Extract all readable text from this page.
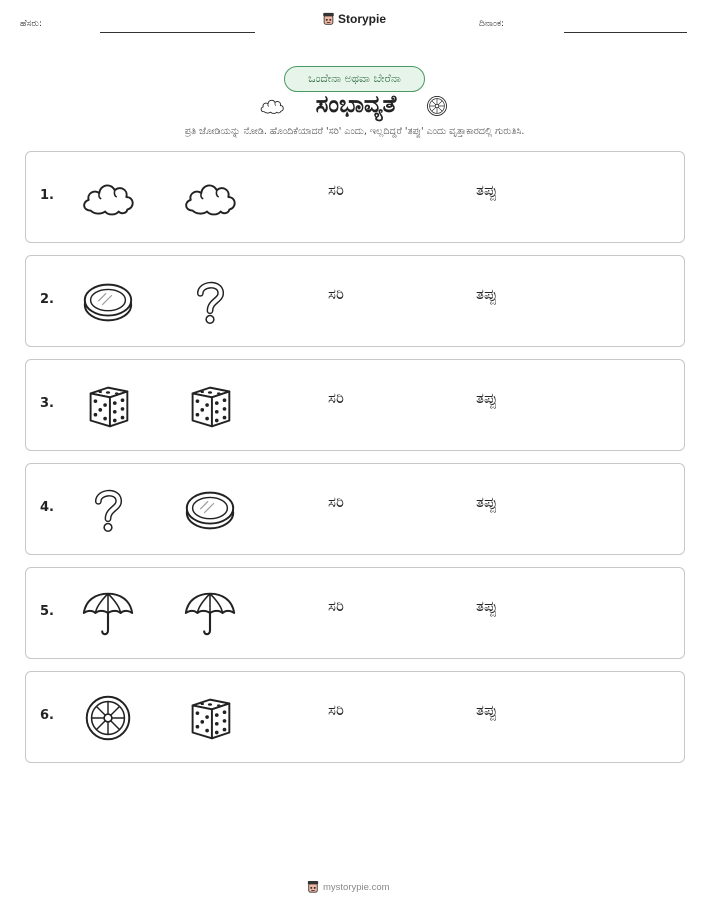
ಹೆಸರು:	Storypie	ದಿನಾಂಕ:
ಒಂದೇನಾ ಅಥವಾ ಬೇರೆನಾ
ಸಂಭಾವ್ಯತೆ
ಪ್ರತಿ ಜೋಡಿಯನ್ನು ನೋಡಿ. ಹೊಂದಿಕೆಯಾದರೆ 'ಸರಿ' ಎಂದು, ಇಲ್ಲದಿದ್ದರೆ 'ತಪ್ಪು' ಎಂದು ವೃತ್ತಾಕಾರದಲ್ಲಿ ಗುರುತಿಸಿ.
1.	ಸರಿ	ತಪ್ಪು
2.	ಸರಿ	ತಪ್ಪು
3.	ಸರಿ	ತಪ್ಪು
4.	ಸರಿ	ತಪ್ಪು
5.	ಸರಿ	ತಪ್ಪು
6.	ಸರಿ	ತಪ್ಪು
mystorypie.com
